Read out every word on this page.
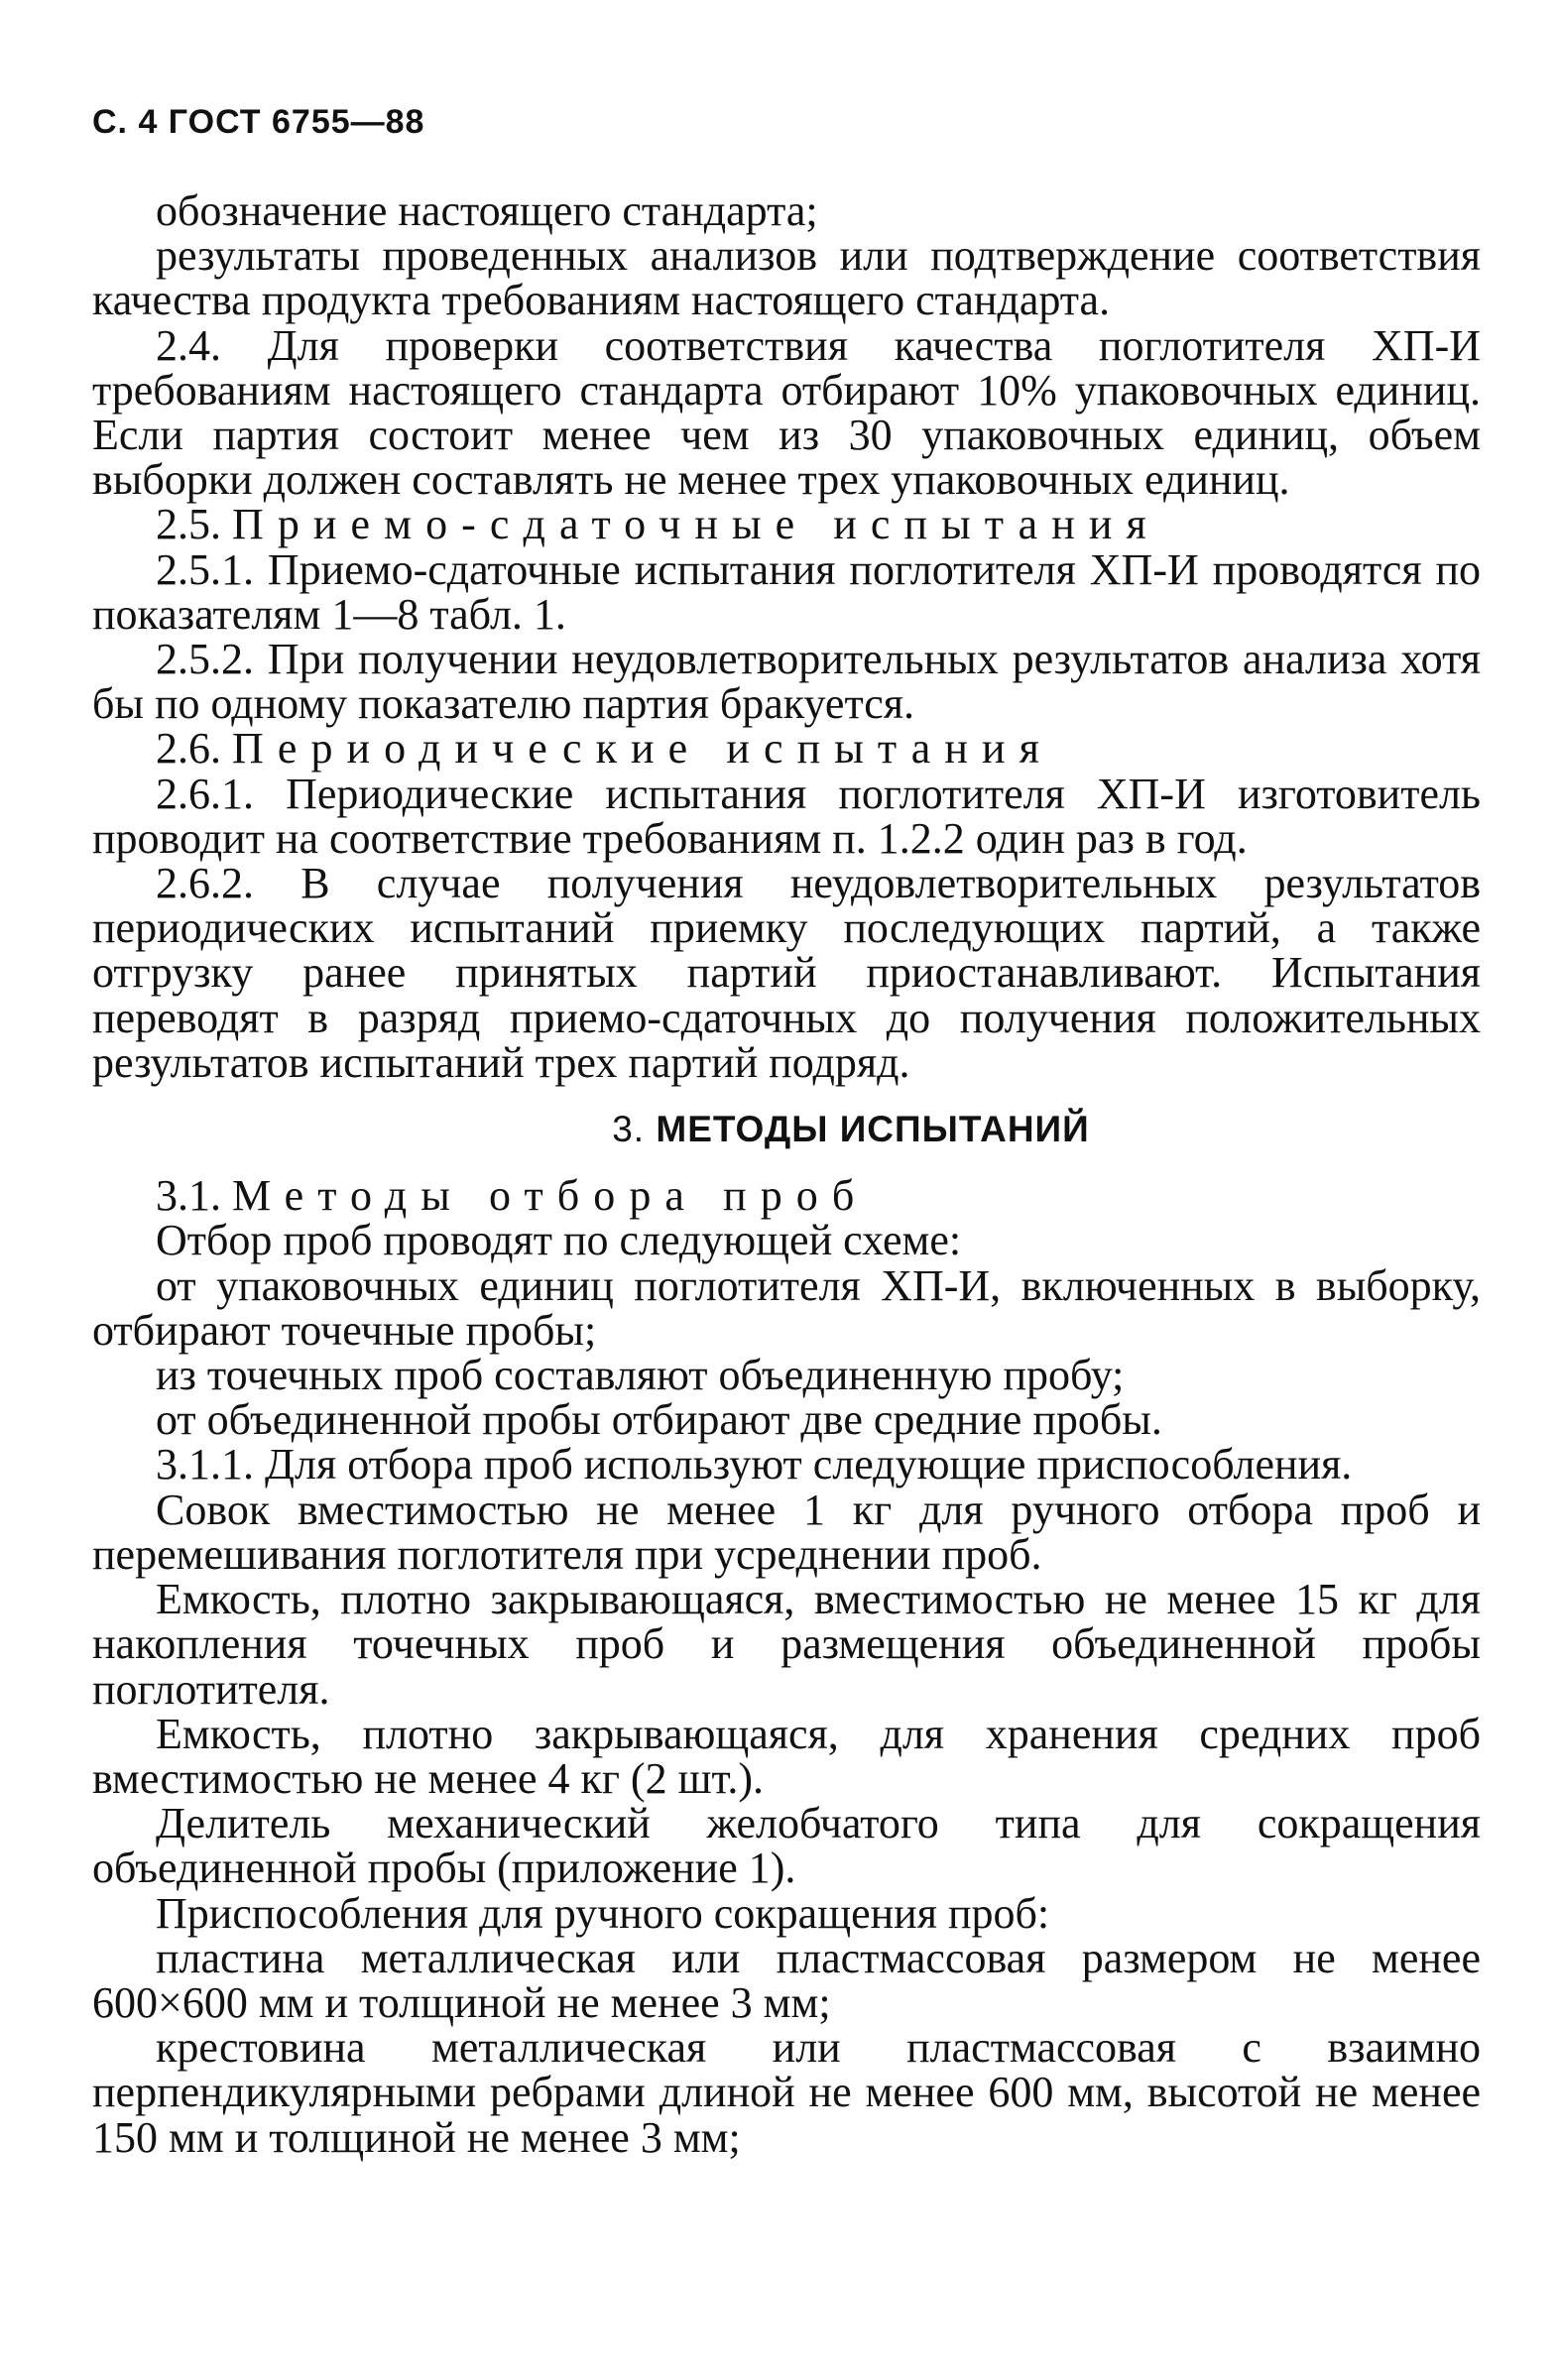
С. 4 ГОСТ 6755—88

обозначение настоящего стандарта;

результаты проведенных анализов или подтверждение соответствия качества продукта требованиям настоящего стандарта.

2.4. Для проверки соответствия качества поглотителя ХП-И требованиям настоящего стандарта отбирают 10% упаковочных единиц. Если партия состоит менее чем из 30 упаковочных единиц, объем выборки должен составлять не менее трех упаковочных единиц.

2.5. Приемо-сдаточные испытания

2.5.1. Приемо-сдаточные испытания поглотителя ХП-И проводятся по показателям 1—8 табл. 1.

2.5.2. При получении неудовлетворительных результатов анализа хотя бы по одному показателю партия бракуется.

2.6. Периодические испытания

2.6.1. Периодические испытания поглотителя ХП-И изготовитель проводит на соответствие требованиям п. 1.2.2 один раз в год.

2.6.2. В случае получения неудовлетворительных результатов периодических испытаний приемку последующих партий, а также отгрузку ранее принятых партий приостанавливают. Испытания переводят в разряд приемо-сдаточных до получения положительных результатов испытаний трех партий подряд.

3. МЕТОДЫ ИСПЫТАНИЙ

3.1. Методы отбора проб

Отбор проб проводят по следующей схеме:

от упаковочных единиц поглотителя ХП-И, включенных в выборку, отбирают точечные пробы;

из точечных проб составляют объединенную пробу;

от объединенной пробы отбирают две средние пробы.

3.1.1. Для отбора проб используют следующие приспособления.

Совок вместимостью не менее 1 кг для ручного отбора проб и перемешивания поглотителя при усреднении проб.

Емкость, плотно закрывающаяся, вместимостью не менее 15 кг для накопления точечных проб и размещения объединенной пробы поглотителя.

Емкость, плотно закрывающаяся, для хранения средних проб вместимостью не менее 4 кг (2 шт.).

Делитель механический желобчатого типа для сокращения объединенной пробы (приложение 1).

Приспособления для ручного сокращения проб:

пластина металлическая или пластмассовая размером не менее 600×600 мм и толщиной не менее 3 мм;

крестовина металлическая или пластмассовая с взаимно перпендикулярными ребрами длиной не менее 600 мм, высотой не менее 150 мм и толщиной не менее 3 мм;
